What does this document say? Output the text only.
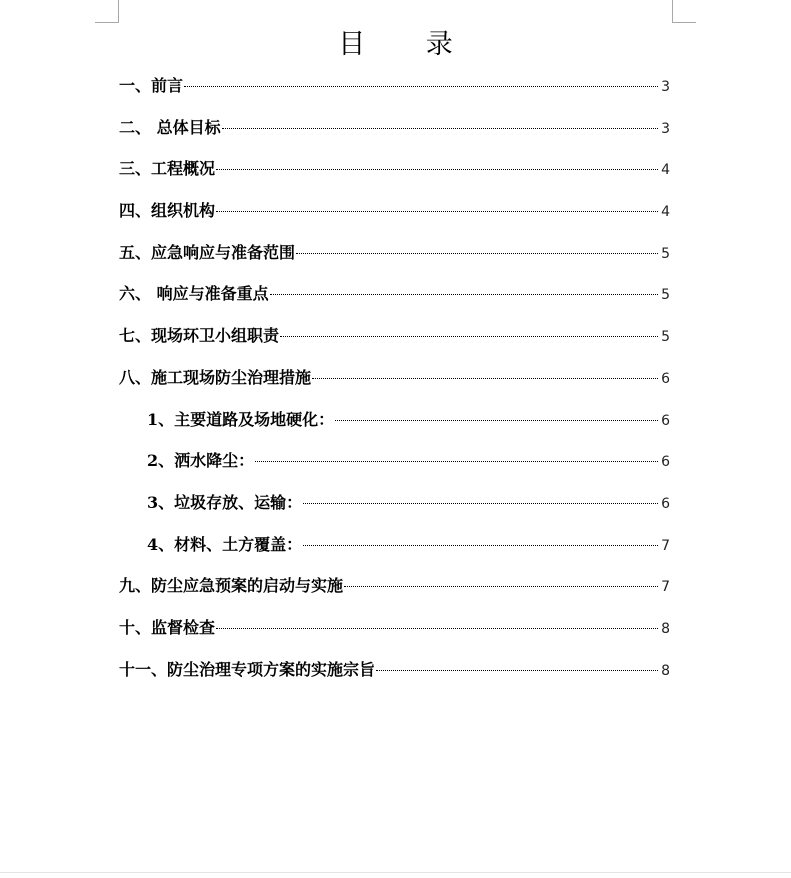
目 录
一、前言	3
二、 总体目标	3
三、工程概况	4
四、组织机构	4
五、应急响应与准备范围	5
六、 响应与准备重点	5
七、现场环卫小组职责	5
八、施工现场防尘治理措施	6
1、主要道路及场地硬化：	6
2、洒水降尘：	6
3、垃圾存放、运输：	6
4、材料、土方覆盖：	7
九、防尘应急预案的启动与实施	7
十、监督检查	8
十一、防尘治理专项方案的实施宗旨	8
